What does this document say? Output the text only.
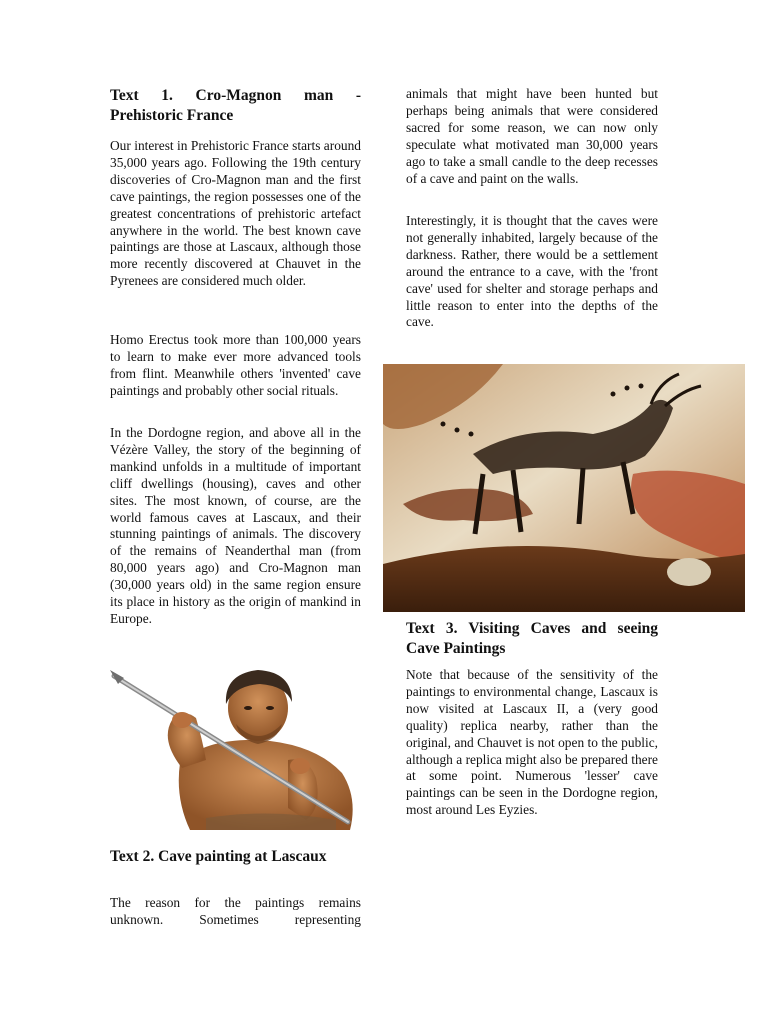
Text 1. Cro-Magnon man - Prehistoric France

Our interest in Prehistoric France starts around 35,000 years ago. Following the 19th century discoveries of Cro-Magnon man and the first cave paintings, the region possesses one of the greatest concentrations of prehistoric artefact anywhere in the world. The best known cave paintings are those at Lascaux, although those more recently discovered at Chauvet in the Pyrenees are considered much older.

Homo Erectus took more than 100,000 years to learn to make ever more advanced tools from flint. Meanwhile others 'invented' cave paintings and probably other social rituals.

In the Dordogne region, and above all in the Vézère Valley, the story of the beginning of mankind unfolds in a multitude of important cliff dwellings (housing), caves and other sites. The most known, of course, are the world famous caves at Lascaux, and their stunning paintings of animals. The discovery of the remains of Neanderthal man (from 80,000 years ago) and Cro-Magnon man (30,000 years old) in the same region ensure its place in history as the origin of mankind in Europe.

Text 2. Cave painting at Lascaux

The reason for the paintings remains unknown. Sometimes representing

animals that might have been hunted but perhaps being animals that were considered sacred for some reason, we can now only speculate what motivated man 30,000 years ago to take a small candle to the deep recesses of a cave and paint on the walls.

Interestingly, it is thought that the caves were not generally inhabited, largely because of the darkness. Rather, there would be a settlement around the entrance to a cave, with the 'front cave' used for shelter and storage perhaps and little reason to enter into the depths of the cave.

Text 3. Visiting Caves and seeing Cave Paintings

Note that because of the sensitivity of the paintings to environmental change, Lascaux is now visited at Lascaux II, a (very good quality) replica nearby, rather than the original, and Chauvet is not open to the public, although a replica might also be prepared there at some point. Numerous 'lesser' cave paintings can be seen in the Dordogne region, most around Les Eyzies.
